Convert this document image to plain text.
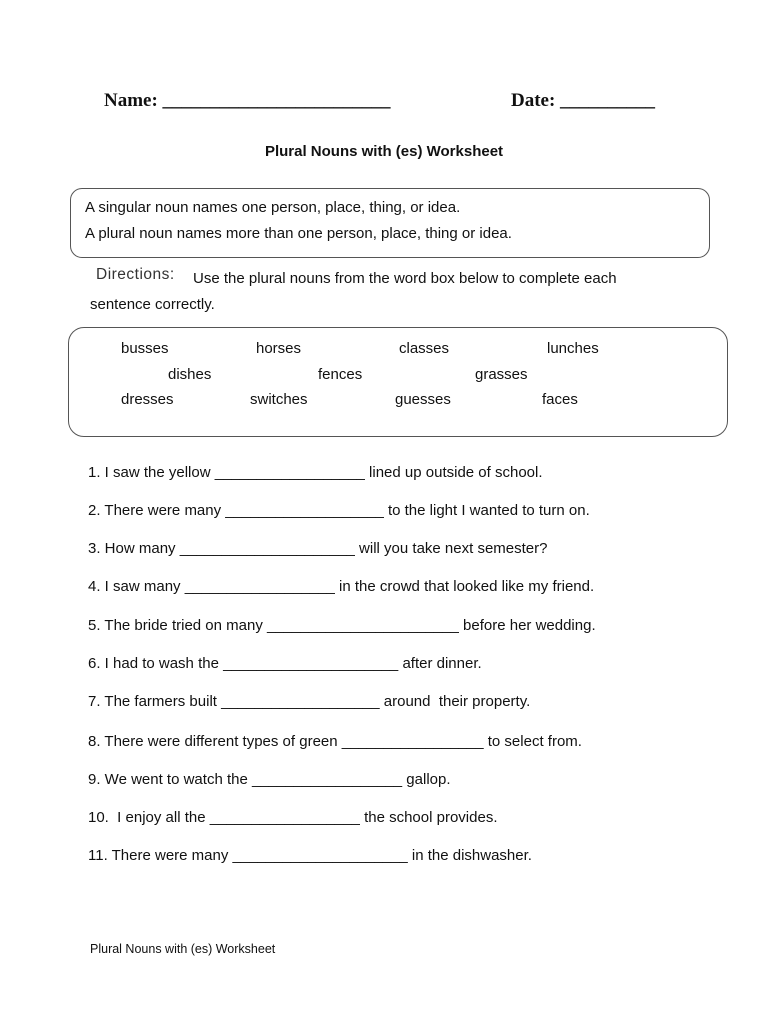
Name: ________________________	Date: __________
Plural Nouns with (es) Worksheet
A singular noun names one person, place, thing, or idea.
A plural noun names more than one person, place, thing or idea.
Directions: Use the plural nouns from the word box below to complete each
sentence correctly.
busses	horses	classes	lunches
dishes	fences	grasses
dresses	switches	guesses	faces
1. I saw the yellow __________________ lined up outside of school.
2. There were many ___________________ to the light I wanted to turn on.
3. How many _____________________ will you take next semester?
4. I saw many __________________ in the crowd that looked like my friend.
5. The bride tried on many _______________________ before her wedding.
6. I had to wash the _____________________ after dinner.
7. The farmers built ___________________ around  their property.
8. There were different types of green _________________ to select from.
9. We went to watch the __________________ gallop.
10.  I enjoy all the __________________ the school provides.
11. There were many _____________________ in the dishwasher.
Plural Nouns with (es) Worksheet
